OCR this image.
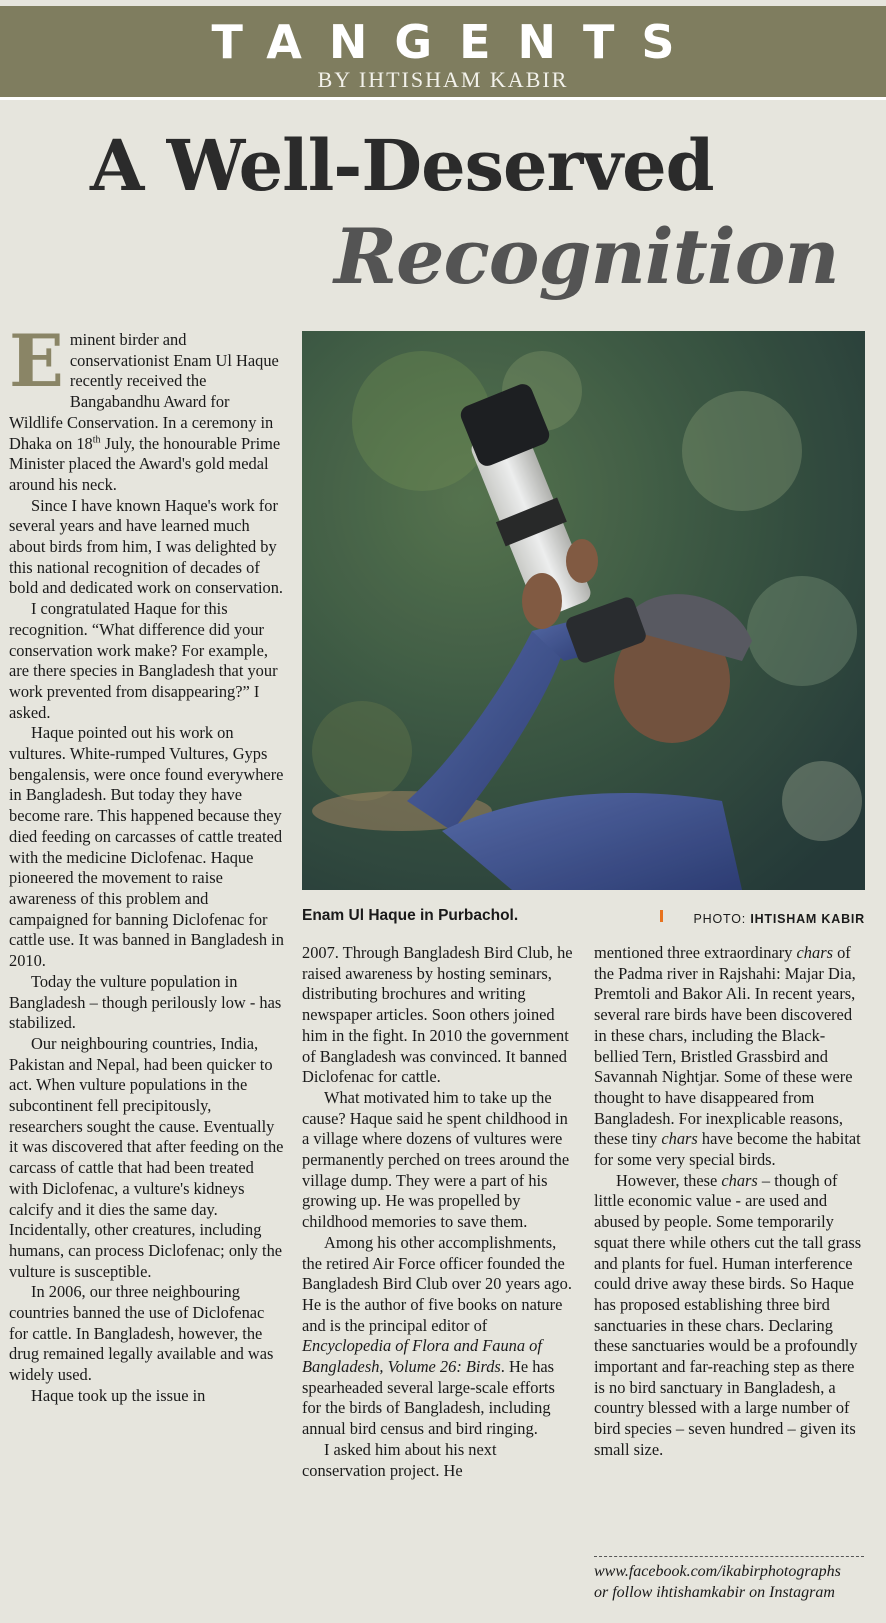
TANGENTS
BY IHTISHAM KABIR
A Well-Deserved
Recognition

Eminent birder and conservationist Enam Ul Haque recently received the Bangabandhu Award for Wildlife Conservation. In a ceremony in Dhaka on 18th July, the honourable Prime Minister placed the Award's gold medal around his neck.

Since I have known Haque's work for several years and have learned much about birds from him, I was delighted by this national recognition of decades of bold and dedicated work on conservation.

I congratulated Haque for this recognition. “What difference did your conservation work make? For example, are there species in Bangladesh that your work prevented from disappearing?” I asked.

Haque pointed out his work on vultures. White-rumped Vultures, Gyps bengalensis, were once found everywhere in Bangladesh. But today they have become rare. This happened because they died feeding on carcasses of cattle treated with the medicine Diclofenac. Haque pioneered the movement to raise awareness of this problem and campaigned for banning Diclofenac for cattle use. It was banned in Bangladesh in 2010.

Today the vulture population in Bangladesh – though perilously low - has stabilized.

Our neighbouring countries, India, Pakistan and Nepal, had been quicker to act. When vulture populations in the subcontinent fell precipitously, researchers sought the cause. Eventually it was discovered that after feeding on the carcass of cattle that had been treated with Diclofenac, a vulture's kidneys calcify and it dies the same day. Incidentally, other creatures, including humans, can process Diclofenac; only the vulture is susceptible.

In 2006, our three neighbouring countries banned the use of Diclofenac for cattle. In Bangladesh, however, the drug remained legally available and was widely used.

Haque took up the issue in

Enam Ul Haque in Purbachol.	PHOTO: IHTISHAM KABIR

2007. Through Bangladesh Bird Club, he raised awareness by hosting seminars, distributing brochures and writing newspaper articles. Soon others joined him in the fight. In 2010 the government of Bangladesh was convinced. It banned Diclofenac for cattle.

What motivated him to take up the cause? Haque said he spent childhood in a village where dozens of vultures were permanently perched on trees around the village dump. They were a part of his growing up. He was propelled by childhood memories to save them.

Among his other accomplishments, the retired Air Force officer founded the Bangladesh Bird Club over 20 years ago. He is the author of five books on nature and is the principal editor of Encyclopedia of Flora and Fauna of Bangladesh, Volume 26: Birds. He has spearheaded several large-scale efforts for the birds of Bangladesh, including annual bird census and bird ringing.

I asked him about his next conservation project. He

mentioned three extraordinary chars of the Padma river in Rajshahi: Majar Dia, Premtoli and Bakor Ali. In recent years, several rare birds have been discovered in these chars, including the Black-bellied Tern, Bristled Grassbird and Savannah Nightjar. Some of these were thought to have disappeared from Bangladesh. For inexplicable reasons, these tiny chars have become the habitat for some very special birds.

However, these chars – though of little economic value - are used and abused by people. Some temporarily squat there while others cut the tall grass and plants for fuel. Human interference could drive away these birds. So Haque has proposed establishing three bird sanctuaries in these chars. Declaring these sanctuaries would be a profoundly important and far-reaching step as there is no bird sanctuary in Bangladesh, a country blessed with a large number of bird species – seven hundred – given its small size.

www.facebook.com/ikabirphotographs
or follow ihtishamkabir on Instagram
